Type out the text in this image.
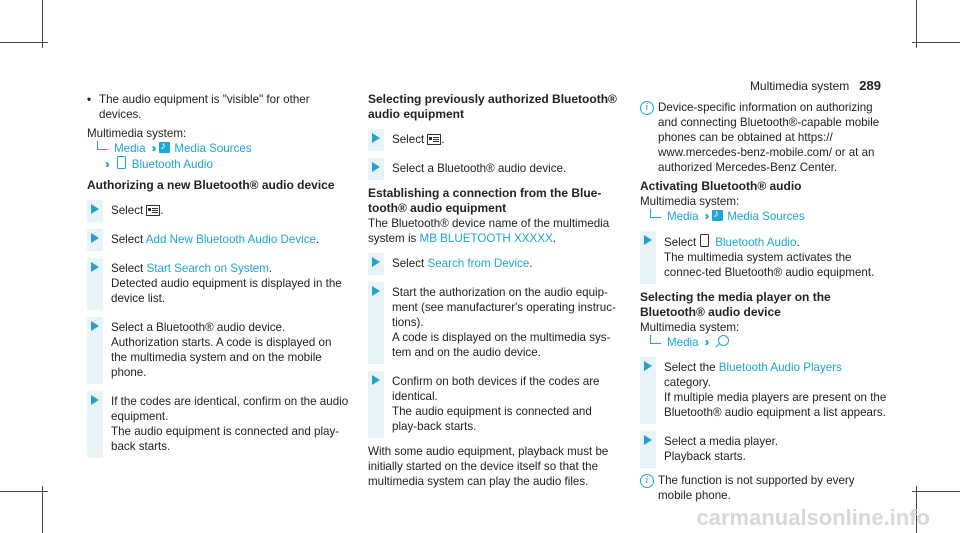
Multimedia system 289
• The audio equipment is "visible" for other devices.

Multimedia system:

Media ›› ♪ Media Sources
›› Bluetooth Audio

Authorizing a new Bluetooth® audio device

Select .
Select Add New Bluetooth Audio Device.
Select Start Search on System.
Detected audio equipment is displayed in the device list.
Select a Bluetooth® audio device.
Authorization starts. A code is displayed on the multimedia system and on the mobile phone.
If the codes are identical, confirm on the audio equipment.
The audio equipment is connected and play-back starts.

Selecting previously authorized Bluetooth® audio equipment

Select .
Select a Bluetooth® audio device.

Establishing a connection from the Blue-tooth® audio equipment

The Bluetooth® device name of the multimedia system is MB BLUETOOTH XXXXX.

Select Search from Device.
Start the authorization on the audio equip-ment (see manufacturer's operating instruc-tions).
A code is displayed on the multimedia sys-tem and on the audio device.
Confirm on both devices if the codes are identical.
The audio equipment is connected and play-back starts.

With some audio equipment, playback must be initially started on the device itself so that the multimedia system can play the audio files.

i Device-specific information on authorizing and connecting Bluetooth®-capable mobile phones can be obtained at https:// www.mercedes-benz-mobile.com/ or at an authorized Mercedes-Benz Center.

Activating Bluetooth® audio

Multimedia system:

Media ›› ♪ Media Sources
Select Bluetooth Audio.
The multimedia system activates the connec-ted Bluetooth® audio equipment.

Selecting the media player on the Bluetooth® audio device

Multimedia system:

Media ››
Select the Bluetooth Audio Players category.
If multiple media players are present on the Bluetooth® audio equipment a list appears.
Select a media player.
Playback starts.
i The function is not supported by every mobile phone.
carmanualsonline.info
